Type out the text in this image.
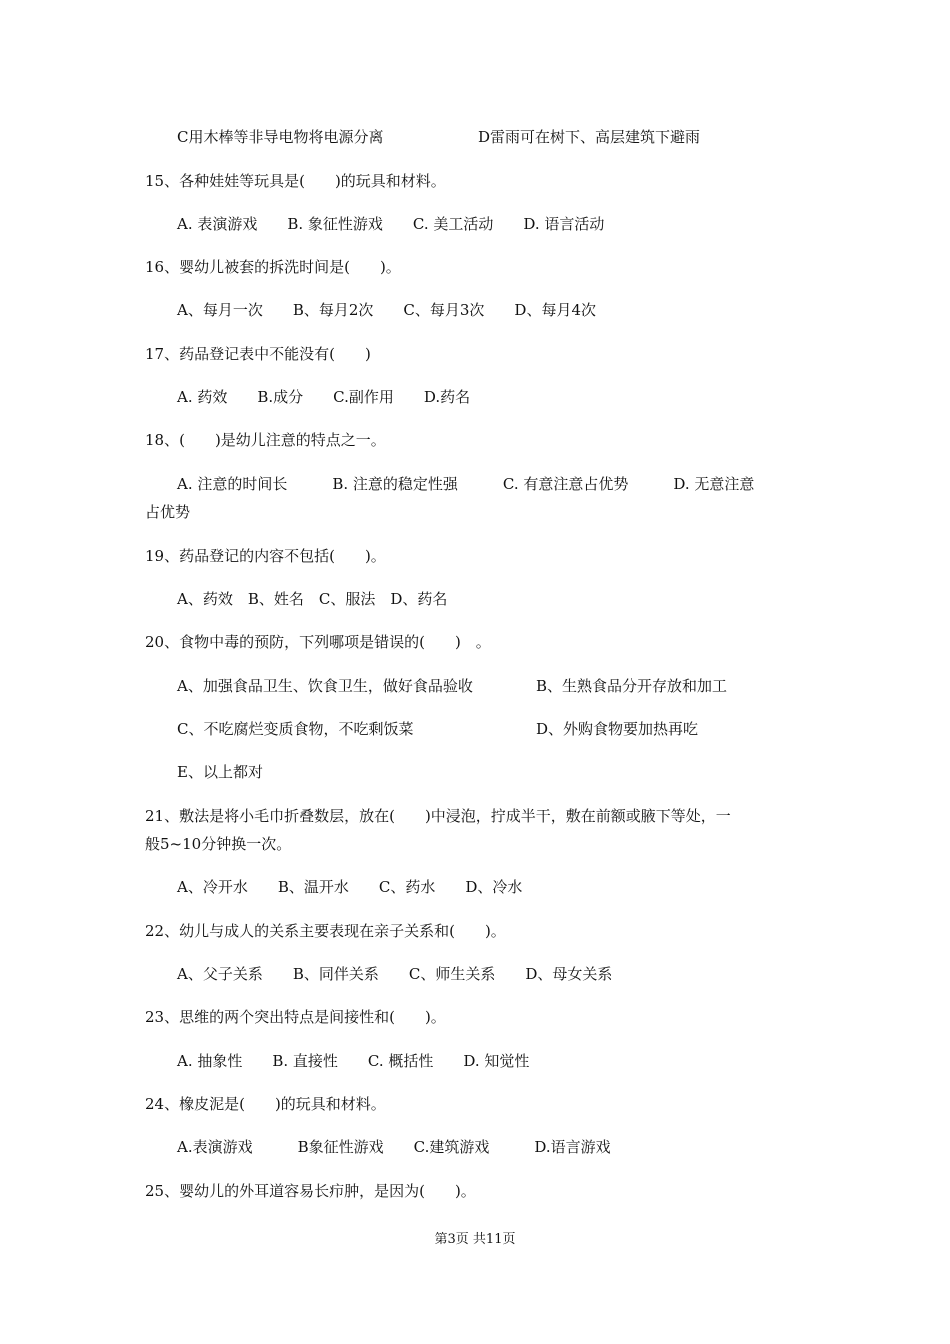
C用木棒等非导电物将电源分离	D雷雨可在树下、高层建筑下避雨
15、各种娃娃等玩具是(　　)的玩具和材料。
A. 表演游戏　　B. 象征性游戏　　C. 美工活动　　D. 语言活动
16、婴幼儿被套的拆洗时间是(　　)。
A、每月一次　　B、每月2次　　C、每月3次　　D、每月4次
17、药品登记表中不能没有(　　)
A. 药效　　B.成分　　C.副作用　　D.药名
18、(　　)是幼儿注意的特点之一。
A. 注意的时间长　　　B. 注意的稳定性强　　　C. 有意注意占优势　　　D. 无意注意
占优势
19、药品登记的内容不包括(　　)。
A、药效　B、姓名　C、服法　D、药名
20、食物中毒的预防，下列哪项是错误的(　　)　。
A、加强食品卫生、饮食卫生，做好食品验收	B、生熟食品分开存放和加工
C、不吃腐烂变质食物，不吃剩饭菜	D、外购食物要加热再吃
E、以上都对
21、敷法是将小毛巾折叠数层，放在(　　)中浸泡，拧成半干，敷在前额或腋下等处，一
般5~10分钟换一次。
A、冷开水　　B、温开水　　C、药水　　D、冷水
22、幼儿与成人的关系主要表现在亲子关系和(　　)。
A、父子关系　　B、同伴关系　　C、师生关系　　D、母女关系
23、思维的两个突出特点是间接性和(　　)。
A. 抽象性　　B. 直接性　　C. 概括性　　D. 知觉性
24、橡皮泥是(　　)的玩具和材料。
A.表演游戏　　　B象征性游戏　　C.建筑游戏　　　D.语言游戏
25、婴幼儿的外耳道容易长疖肿，是因为(　　)。
第3页 共11页
